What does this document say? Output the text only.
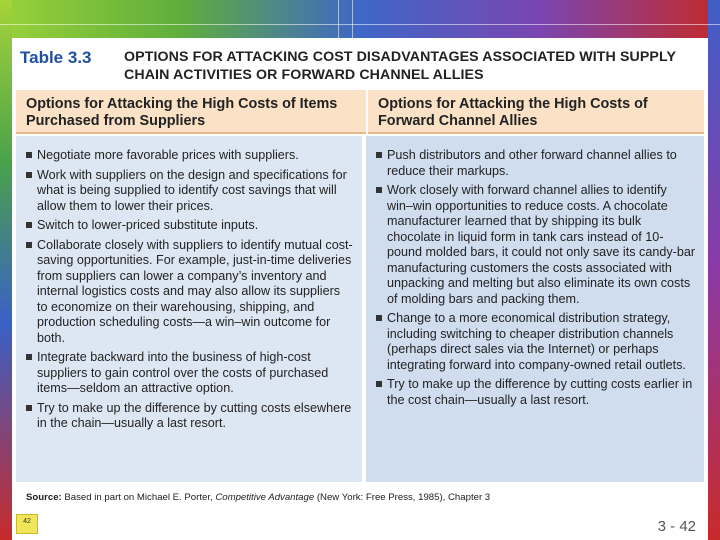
Table 3.3 OPTIONS FOR ATTACKING COST DISADVANTAGES ASSOCIATED WITH SUPPLY CHAIN ACTIVITIES OR FORWARD CHANNEL ALLIES
Options for Attacking the High Costs of Items Purchased from Suppliers
Options for Attacking the High Costs of Forward Channel Allies
Negotiate more favorable prices with suppliers.
Work with suppliers on the design and specifications for what is being supplied to identify cost savings that will allow them to lower their prices.
Switch to lower-priced substitute inputs.
Collaborate closely with suppliers to identify mutual cost-saving opportunities. For example, just-in-time deliveries from suppliers can lower a company’s inventory and internal logistics costs and may also allow its suppliers to economize on their warehousing, shipping, and production scheduling costs—a win–win outcome for both.
Integrate backward into the business of high-cost suppliers to gain control over the costs of purchased items—seldom an attractive option.
Try to make up the difference by cutting costs elsewhere in the chain—usually a last resort.
Push distributors and other forward channel allies to reduce their markups.
Work closely with forward channel allies to identify win–win opportunities to reduce costs. A chocolate manufacturer learned that by shipping its bulk chocolate in liquid form in tank cars instead of 10-pound molded bars, it could not only save its candy-bar manufacturing customers the costs associated with unpacking and melting but also eliminate its own costs of molding bars and packing them.
Change to a more economical distribution strategy, including switching to cheaper distribution channels (perhaps direct sales via the Internet) or perhaps integrating forward into company-owned retail outlets.
Try to make up the difference by cutting costs earlier in the cost chain—usually a last resort.
Source: Based in part on Michael E. Porter, Competitive Advantage (New York: Free Press, 1985), Chapter 3
42	3 - 42
